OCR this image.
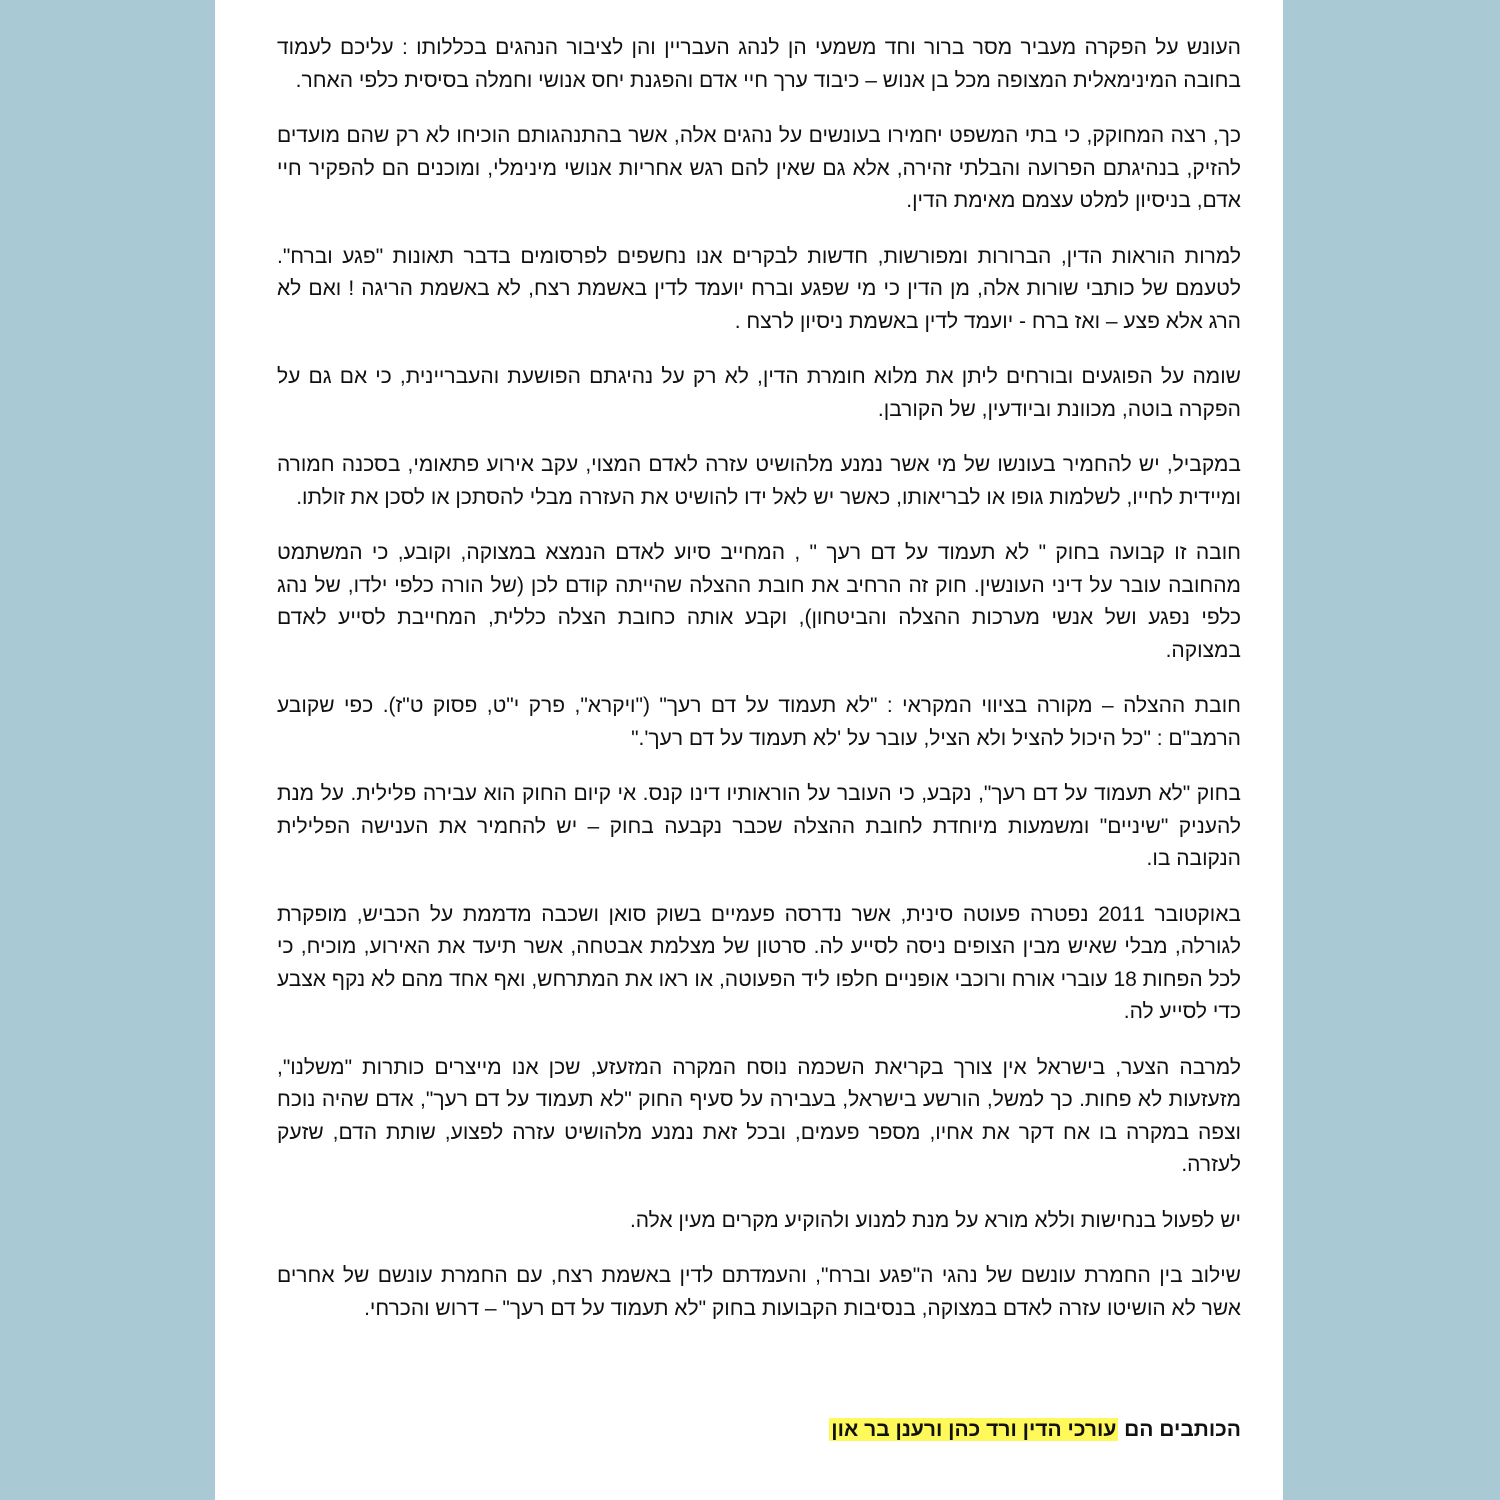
העונש על הפקרה מעביר מסר ברור וחד משמעי הן לנהג העבריין והן לציבור הנהגים בכללותו : עליכם לעמוד בחובה המינימאלית המצופה מכל בן אנוש – כיבוד ערך חיי אדם והפגנת יחס אנושי וחמלה בסיסית כלפי האחר.

כך, רצה המחוקק, כי בתי המשפט יחמירו בעונשים על נהגים אלה, אשר בהתנהגותם הוכיחו לא רק שהם מועדים להזיק, בנהיגתם הפרועה והבלתי זהירה, אלא גם שאין להם רגש אחריות אנושי מינימלי, ומוכנים הם להפקיר חיי אדם, בניסיון למלט עצמם מאימת הדין.

למרות הוראות הדין, הברורות ומפורשות, חדשות לבקרים אנו נחשפים לפרסומים בדבר תאונות "פגע וברח". לטעמם של כותבי שורות אלה, מן הדין כי מי שפגע וברח יועמד לדין באשמת רצח, לא באשמת הריגה ! ואם לא הרג אלא פצע – ואז ברח - יועמד לדין באשמת ניסיון לרצח .

שומה על הפוגעים ובורחים ליתן את מלוא חומרת הדין, לא רק על נהיגתם הפושעת והעבריינית, כי אם גם על הפקרה בוטה, מכוונת וביודעין, של הקורבן.

במקביל, יש להחמיר בעונשו של מי אשר נמנע מלהושיט עזרה לאדם המצוי, עקב אירוע פתאומי, בסכנה חמורה ומיידית לחייו, לשלמות גופו או לבריאותו, כאשר יש לאל ידו להושיט את העזרה מבלי להסתכן או לסכן את זולתו.

חובה זו קבועה בחוק " לא תעמוד על דם רעך " , המחייב סיוע לאדם הנמצא במצוקה, וקובע, כי המשתמט מהחובה עובר על דיני העונשין. חוק זה הרחיב את חובת ההצלה שהייתה קודם לכן (של הורה כלפי ילדו, של נהג כלפי נפגע ושל אנשי מערכות ההצלה והביטחון), וקבע אותה כחובת הצלה כללית, המחייבת לסייע לאדם במצוקה.

חובת ההצלה – מקורה בציווי המקראי : "לא תעמוד על דם רעך" ("ויקרא", פרק י"ט, פסוק ט"ז). כפי שקובע הרמב"ם : "כל היכול להציל ולא הציל, עובר על 'לא תעמוד על דם רעך'."

בחוק "לא תעמוד על דם רעך", נקבע, כי העובר על הוראותיו דינו קנס. אי קיום החוק הוא עבירה פלילית. על מנת להעניק "שיניים" ומשמעות מיוחדת לחובת ההצלה שכבר נקבעה בחוק – יש להחמיר את הענישה הפלילית הנקובה בו.

באוקטובר 2011 נפטרה פעוטה סינית, אשר נדרסה פעמיים בשוק סואן ושכבה מדממת על הכביש, מופקרת לגורלה, מבלי שאיש מבין הצופים ניסה לסייע לה. סרטון של מצלמת אבטחה, אשר תיעד את האירוע, מוכיח, כי לכל הפחות 18 עוברי אורח ורוכבי אופניים חלפו ליד הפעוטה, או ראו את המתרחש, ואף אחד מהם לא נקף אצבע כדי לסייע לה.

למרבה הצער, בישראל אין צורך בקריאת השכמה נוסח המקרה המזעזע, שכן אנו מייצרים כותרות "משלנו", מזעזעות לא פחות. כך למשל, הורשע בישראל, בעבירה על סעיף החוק "לא תעמוד על דם רעך", אדם שהיה נוכח וצפה במקרה בו אח דקר את אחיו, מספר פעמים, ובכל זאת נמנע מלהושיט עזרה לפצוע, שותת הדם, שזעק לעזרה.

יש לפעול בנחישות וללא מורא על מנת למנוע ולהוקיע מקרים מעין אלה.

שילוב בין החמרת עונשם של נהגי ה"פגע וברח", והעמדתם לדין באשמת רצח, עם החמרת עונשם של אחרים אשר לא הושיטו עזרה לאדם במצוקה, בנסיבות הקבועות בחוק "לא תעמוד על דם רעך" – דרוש והכרחי.

הכותבים הם עורכי הדין ורד כהן ורענן בר און
